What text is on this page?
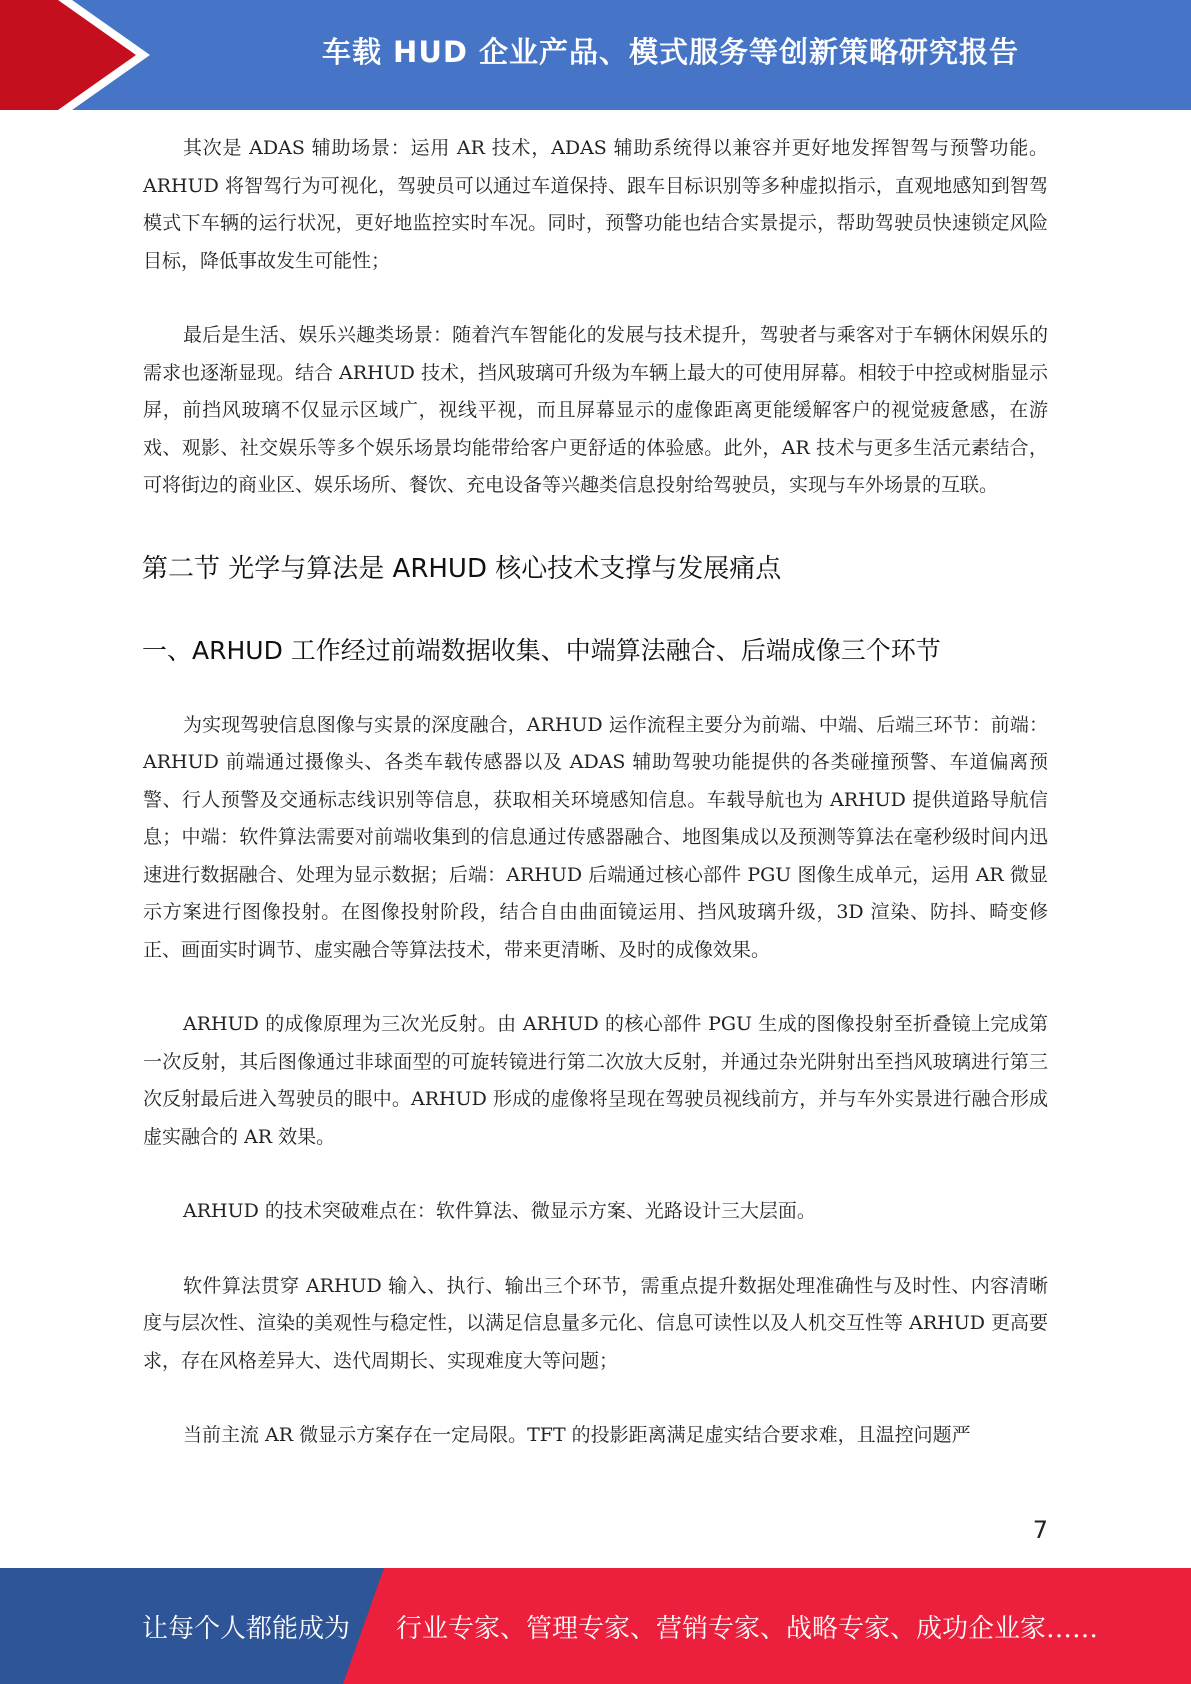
车载 HUD 企业产品、模式服务等创新策略研究报告

其次是 ADAS 辅助场景：运用 AR 技术，ADAS 辅助系统得以兼容并更好地发挥智驾与预警功能。ARHUD 将智驾行为可视化，驾驶员可以通过车道保持、跟车目标识别等多种虚拟指示，直观地感知到智驾模式下车辆的运行状况，更好地监控实时车况。同时，预警功能也结合实景提示，帮助驾驶员快速锁定风险目标，降低事故发生可能性；

最后是生活、娱乐兴趣类场景：随着汽车智能化的发展与技术提升，驾驶者与乘客对于车辆休闲娱乐的需求也逐渐显现。结合 ARHUD 技术，挡风玻璃可升级为车辆上最大的可使用屏幕。相较于中控或树脂显示屏，前挡风玻璃不仅显示区域广，视线平视，而且屏幕显示的虚像距离更能缓解客户的视觉疲惫感，在游戏、观影、社交娱乐等多个娱乐场景均能带给客户更舒适的体验感。此外，AR 技术与更多生活元素结合，可将街边的商业区、娱乐场所、餐饮、充电设备等兴趣类信息投射给驾驶员，实现与车外场景的互联。

第二节 光学与算法是 ARHUD 核心技术支撑与发展痛点
一、ARHUD 工作经过前端数据收集、中端算法融合、后端成像三个环节

为实现驾驶信息图像与实景的深度融合，ARHUD 运作流程主要分为前端、中端、后端三环节：前端：ARHUD 前端通过摄像头、各类车载传感器以及 ADAS 辅助驾驶功能提供的各类碰撞预警、车道偏离预警、行人预警及交通标志线识别等信息，获取相关环境感知信息。车载导航也为 ARHUD 提供道路导航信息；中端：软件算法需要对前端收集到的信息通过传感器融合、地图集成以及预测等算法在毫秒级时间内迅速进行数据融合、处理为显示数据；后端：ARHUD 后端通过核心部件 PGU 图像生成单元，运用 AR 微显示方案进行图像投射。在图像投射阶段，结合自由曲面镜运用、挡风玻璃升级，3D 渲染、防抖、畸变修正、画面实时调节、虚实融合等算法技术，带来更清晰、及时的成像效果。

ARHUD 的成像原理为三次光反射。由 ARHUD 的核心部件 PGU 生成的图像投射至折叠镜上完成第一次反射，其后图像通过非球面型的可旋转镜进行第二次放大反射，并通过杂光阱射出至挡风玻璃进行第三次反射最后进入驾驶员的眼中。ARHUD 形成的虚像将呈现在驾驶员视线前方，并与车外实景进行融合形成虚实融合的 AR 效果。

ARHUD 的技术突破难点在：软件算法、微显示方案、光路设计三大层面。

软件算法贯穿 ARHUD 输入、执行、输出三个环节，需重点提升数据处理准确性与及时性、内容清晰度与层次性、渲染的美观性与稳定性，以满足信息量多元化、信息可读性以及人机交互性等 ARHUD 更高要求，存在风格差异大、迭代周期长、实现难度大等问题；

当前主流 AR 微显示方案存在一定局限。TFT 的投影距离满足虚实结合要求难，且温控问题严

7
让每个人都能成为 行业专家、管理专家、营销专家、战略专家、成功企业家……
